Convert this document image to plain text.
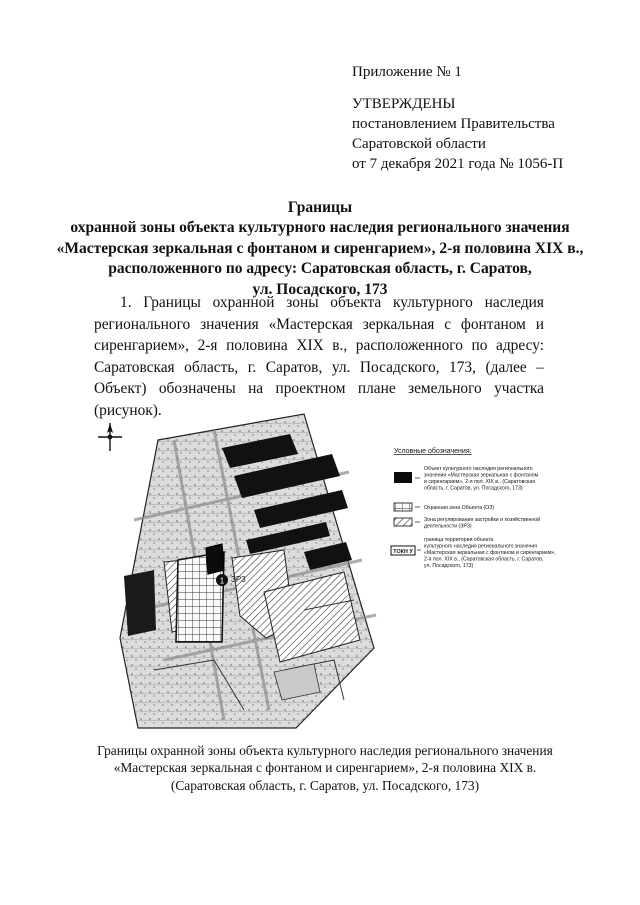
Приложение № 1
УТВЕРЖДЕНЫ
постановлением Правительства
Саратовской области
от 7 декабря 2021 года № 1056-П
Границы
охранной зоны объекта культурного наследия регионального значения
«Мастерская зеркальная с фонтаном и сиренгарием», 2-я половина XIX в.,
расположенного по адресу: Саратовская область, г. Саратов,
ул. Посадского, 173
1. Границы охранной зоны объекта культурного наследия регионального значения «Мастерская зеркальная с фонтаном и сиренгарием», 2-я половина XIX в., расположенного по адресу: Саратовская область, г. Саратов, ул. Посадского, 173, (далее – Объект) обозначены на проектном плане земельного участка (рисунок).
1 ЗРЗ
Условные обозначения:
Объект культурного наследия регионального
значения «Мастерская зеркальная с фонтаном
и сиренгарием», 2-я пол. XIX в., (Саратовская
область, г. Саратов, ул. Посадского, 173)
Охранная зона Объекта (ОЗ)
Зона регулирования застройки и хозяйственной
деятельности (ЗРЗ)
ТОКН У
граница территории объекта
культурного наследия регионального значения
«Мастерская зеркальная с фонтаном и сиренгарием»,
2-я пол. XIX в., (Саратовская область, г. Саратов,
ул. Посадского, 173)
Границы охранной зоны объекта культурного наследия регионального значения
«Мастерская зеркальная с фонтаном и сиренгарием», 2-я половина XIX в.
(Саратовская область, г. Саратов, ул. Посадского, 173)
